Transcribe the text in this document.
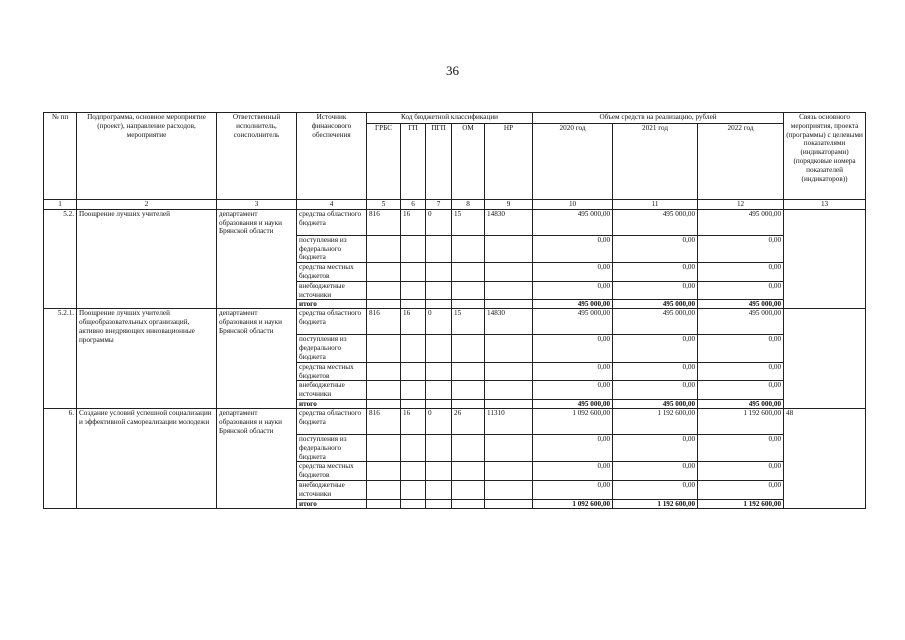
36
№ пп	Подпрограмма, основное мероприятие (проект), направление расходов, мероприятие	Ответственный исполнитель, соисполнитель	Источник финансового обеспечения	Код бюджетной классификации					Объем средств на реализацию, рублей			Связь основного мероприятия, проекта (программы) с целевыми показателями (индикаторами) (порядковые номера показателей (индикаторов))
				ГРБС	ГП	ПГП	ОМ	НР	2020 год	2021 год	2022 год	
1	2	3	4	5	6	7	8	9	10	11	12	13
5.2.	Поощрение лучших учителей	департамент образования и науки Брянской области	средства областного бюджета	816	16	0	15	14830	495 000,00	495 000,00	495 000,00	
			поступления из федерального бюджета						0,00	0,00	0,00	
			средства местных бюджетов						0,00	0,00	0,00	
			внебюджетные источники						0,00	0,00	0,00	
			итого						495 000,00	495 000,00	495 000,00	
5.2.1.	Поощрение лучших учителей общеобразовательных организаций, активно внедряющих инновационные программы	департамент образования и науки Брянской области	средства областного бюджета	816	16	0	15	14830	495 000,00	495 000,00	495 000,00	
			поступления из федерального бюджета						0,00	0,00	0,00	
			средства местных бюджетов						0,00	0,00	0,00	
			внебюджетные источники						0,00	0,00	0,00	
			итого						495 000,00	495 000,00	495 000,00	
6.	Создание условий успешной социализации и эффективной самореализации молодежи	департамент образования и науки Брянской области	средства областного бюджета	816	16	0	26	11310	1 092 600,00	1 192 600,00	1 192 600,00	48
			поступления из федерального бюджета						0,00	0,00	0,00	
			средства местных бюджетов						0,00	0,00	0,00	
			внебюджетные источники						0,00	0,00	0,00	
			итого						1 092 600,00	1 192 600,00	1 192 600,00	
